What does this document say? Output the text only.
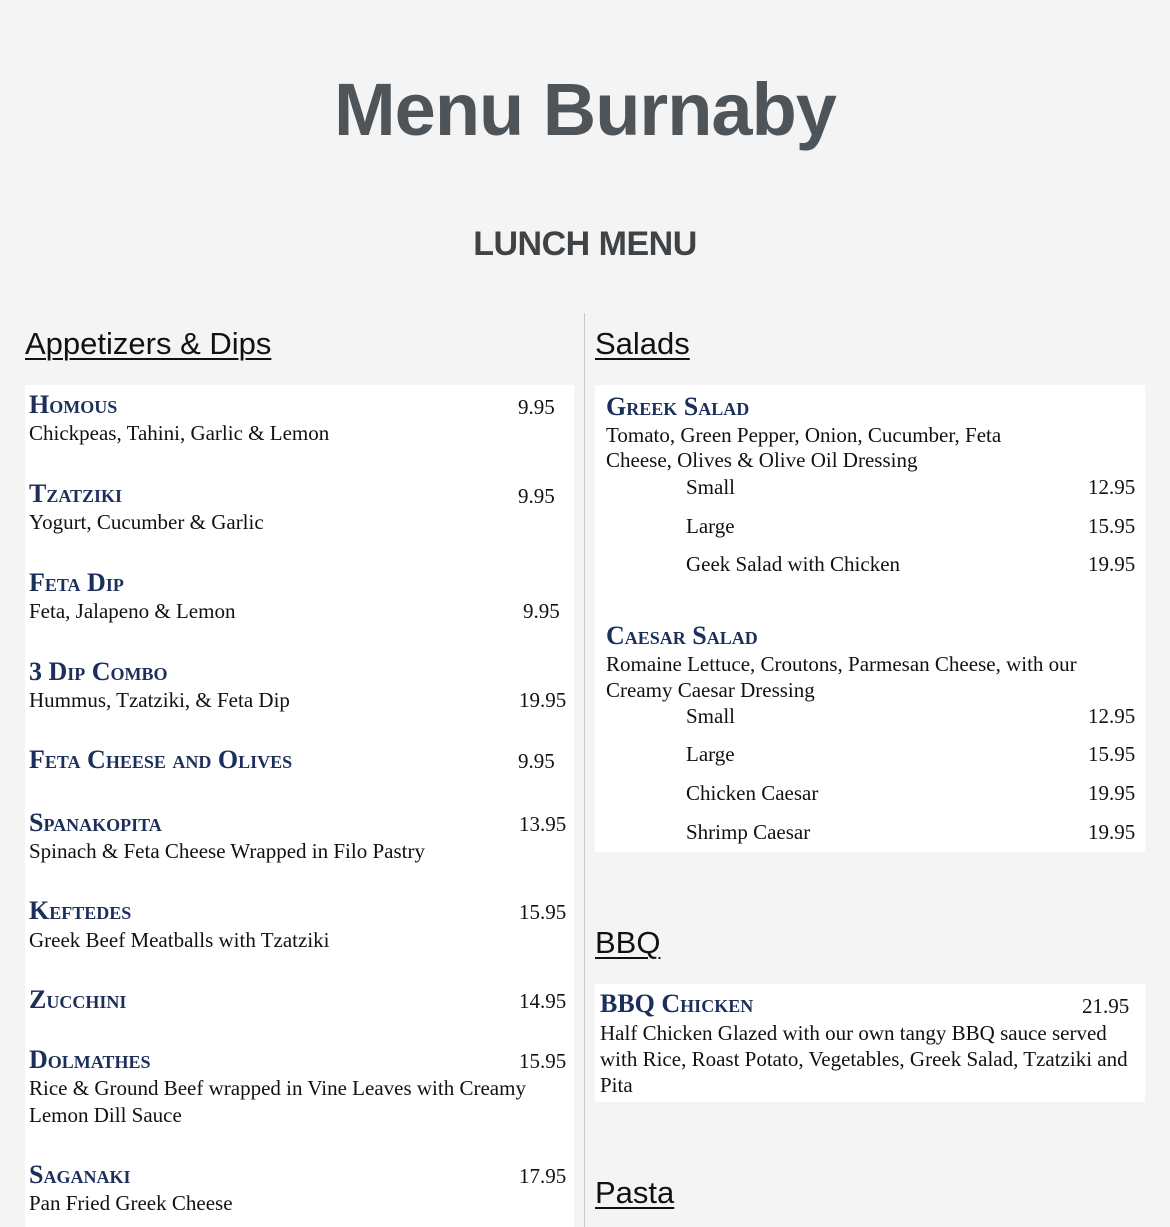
Menu Burnaby
LUNCH MENU
Appetizers & Dips
Homous	9.95
Chickpeas, Tahini, Garlic & Lemon
Tzatziki	9.95
Yogurt, Cucumber & Garlic
Feta Dip
9.95
Feta, Jalapeno & Lemon
3 Dip Combo
19.95
Hummus, Tzatziki, & Feta Dip
Feta Cheese and Olives	9.95
Spanakopita	13.95
Spinach & Feta Cheese Wrapped in Filo Pastry
Keftedes	15.95
Greek Beef Meatballs with Tzatziki
Zucchini	14.95
Dolmathes	15.95
Rice & Ground Beef wrapped in Vine Leaves with Creamy Lemon Dill Sauce
Saganaki	17.95
Pan Fried Greek Cheese
Salads
Greek Salad
Tomato, Green Pepper, Onion, Cucumber, Feta Cheese, Olives & Olive Oil Dressing
Small	12.95
Large	15.95
Geek Salad with Chicken	19.95
Caesar Salad
Romaine Lettuce, Croutons, Parmesan Cheese, with our Creamy Caesar Dressing
Small	12.95
Large	15.95
Chicken Caesar	19.95
Shrimp Caesar	19.95
BBQ
BBQ Chicken	21.95
Half Chicken Glazed with our own tangy BBQ sauce served with Rice, Roast Potato, Vegetables, Greek Salad, Tzatziki and Pita
Pasta
